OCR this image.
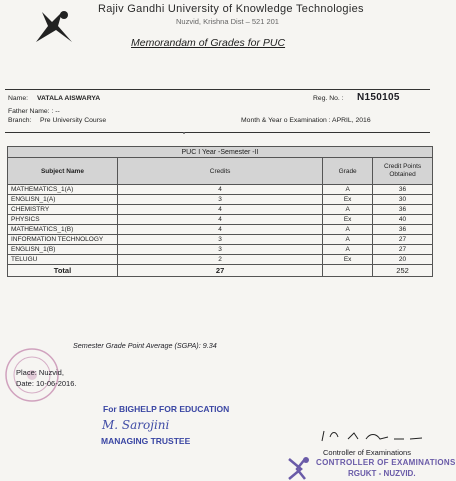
Rajiv Gandhi University of Knowledge Technologies
Nuzvid, Krishna Dist – 521 201
Memorandam of Grades for PUC
Name: VATALA AISWARYA	Reg. No. : N150105
Father Name: : --
Branch: Pre University Course	Month & Year o Examination : APRIL, 2016
PUC I Year -Semester -II			
Subject Name	Credits	Grade	Credit Points Obtained
MATHEMATICS_1(A)	4	A	36
ENGLISN_1(A)	3	Ex	30
CHEMISTRY	4	A	36
PHYSICS	4	Ex	40
MATHEMATICS_1(B)	4	A	36
INFORMATION TECHNOLOGY	3	A	27
ENGLISN_1(B)	3	A	27
TELUGU	2	Ex	20
Total	27		252
Semester Grade Point Average (SGPA): 9.34
Place: Nuzvid,
Date: 10-06-2016.
For BIGHELP FOR EDUCATION
M. Sarojini
MANAGING TRUSTEE
Controller of Examinations
CONTROLLER OF EXAMINATIONS
RGUKT - NUZVID.
